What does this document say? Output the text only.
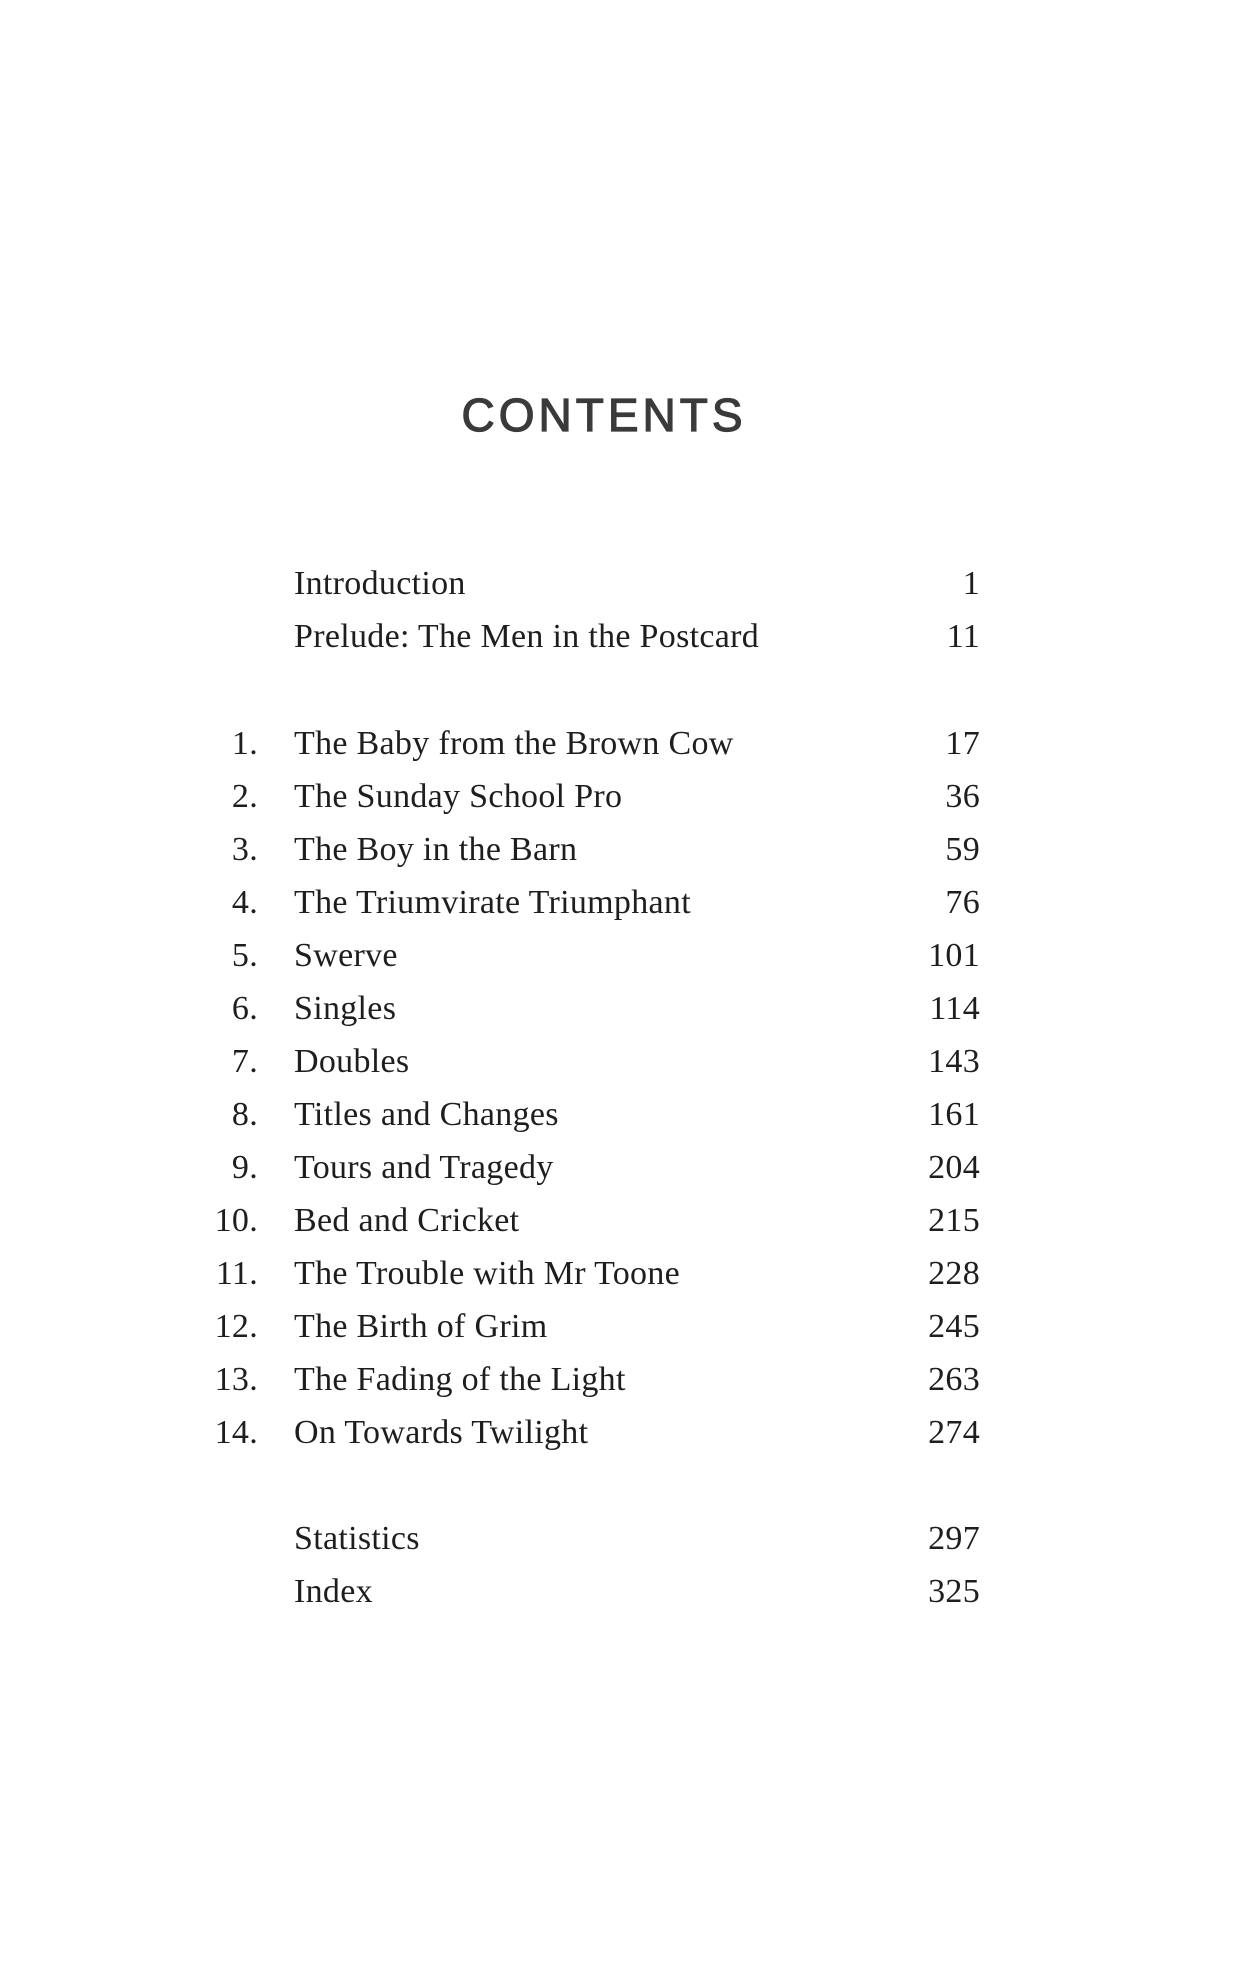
CONTENTS
Introduction	1
Prelude: The Men in the Postcard	11
1. The Baby from the Brown Cow	17
2. The Sunday School Pro	36
3. The Boy in the Barn	59
4. The Triumvirate Triumphant	76
5. Swerve	101
6. Singles	114
7. Doubles	143
8. Titles and Changes	161
9. Tours and Tragedy	204
10. Bed and Cricket	215
11. The Trouble with Mr Toone	228
12. The Birth of Grim	245
13. The Fading of the Light	263
14. On Towards Twilight	274
Statistics	297
Index	325
